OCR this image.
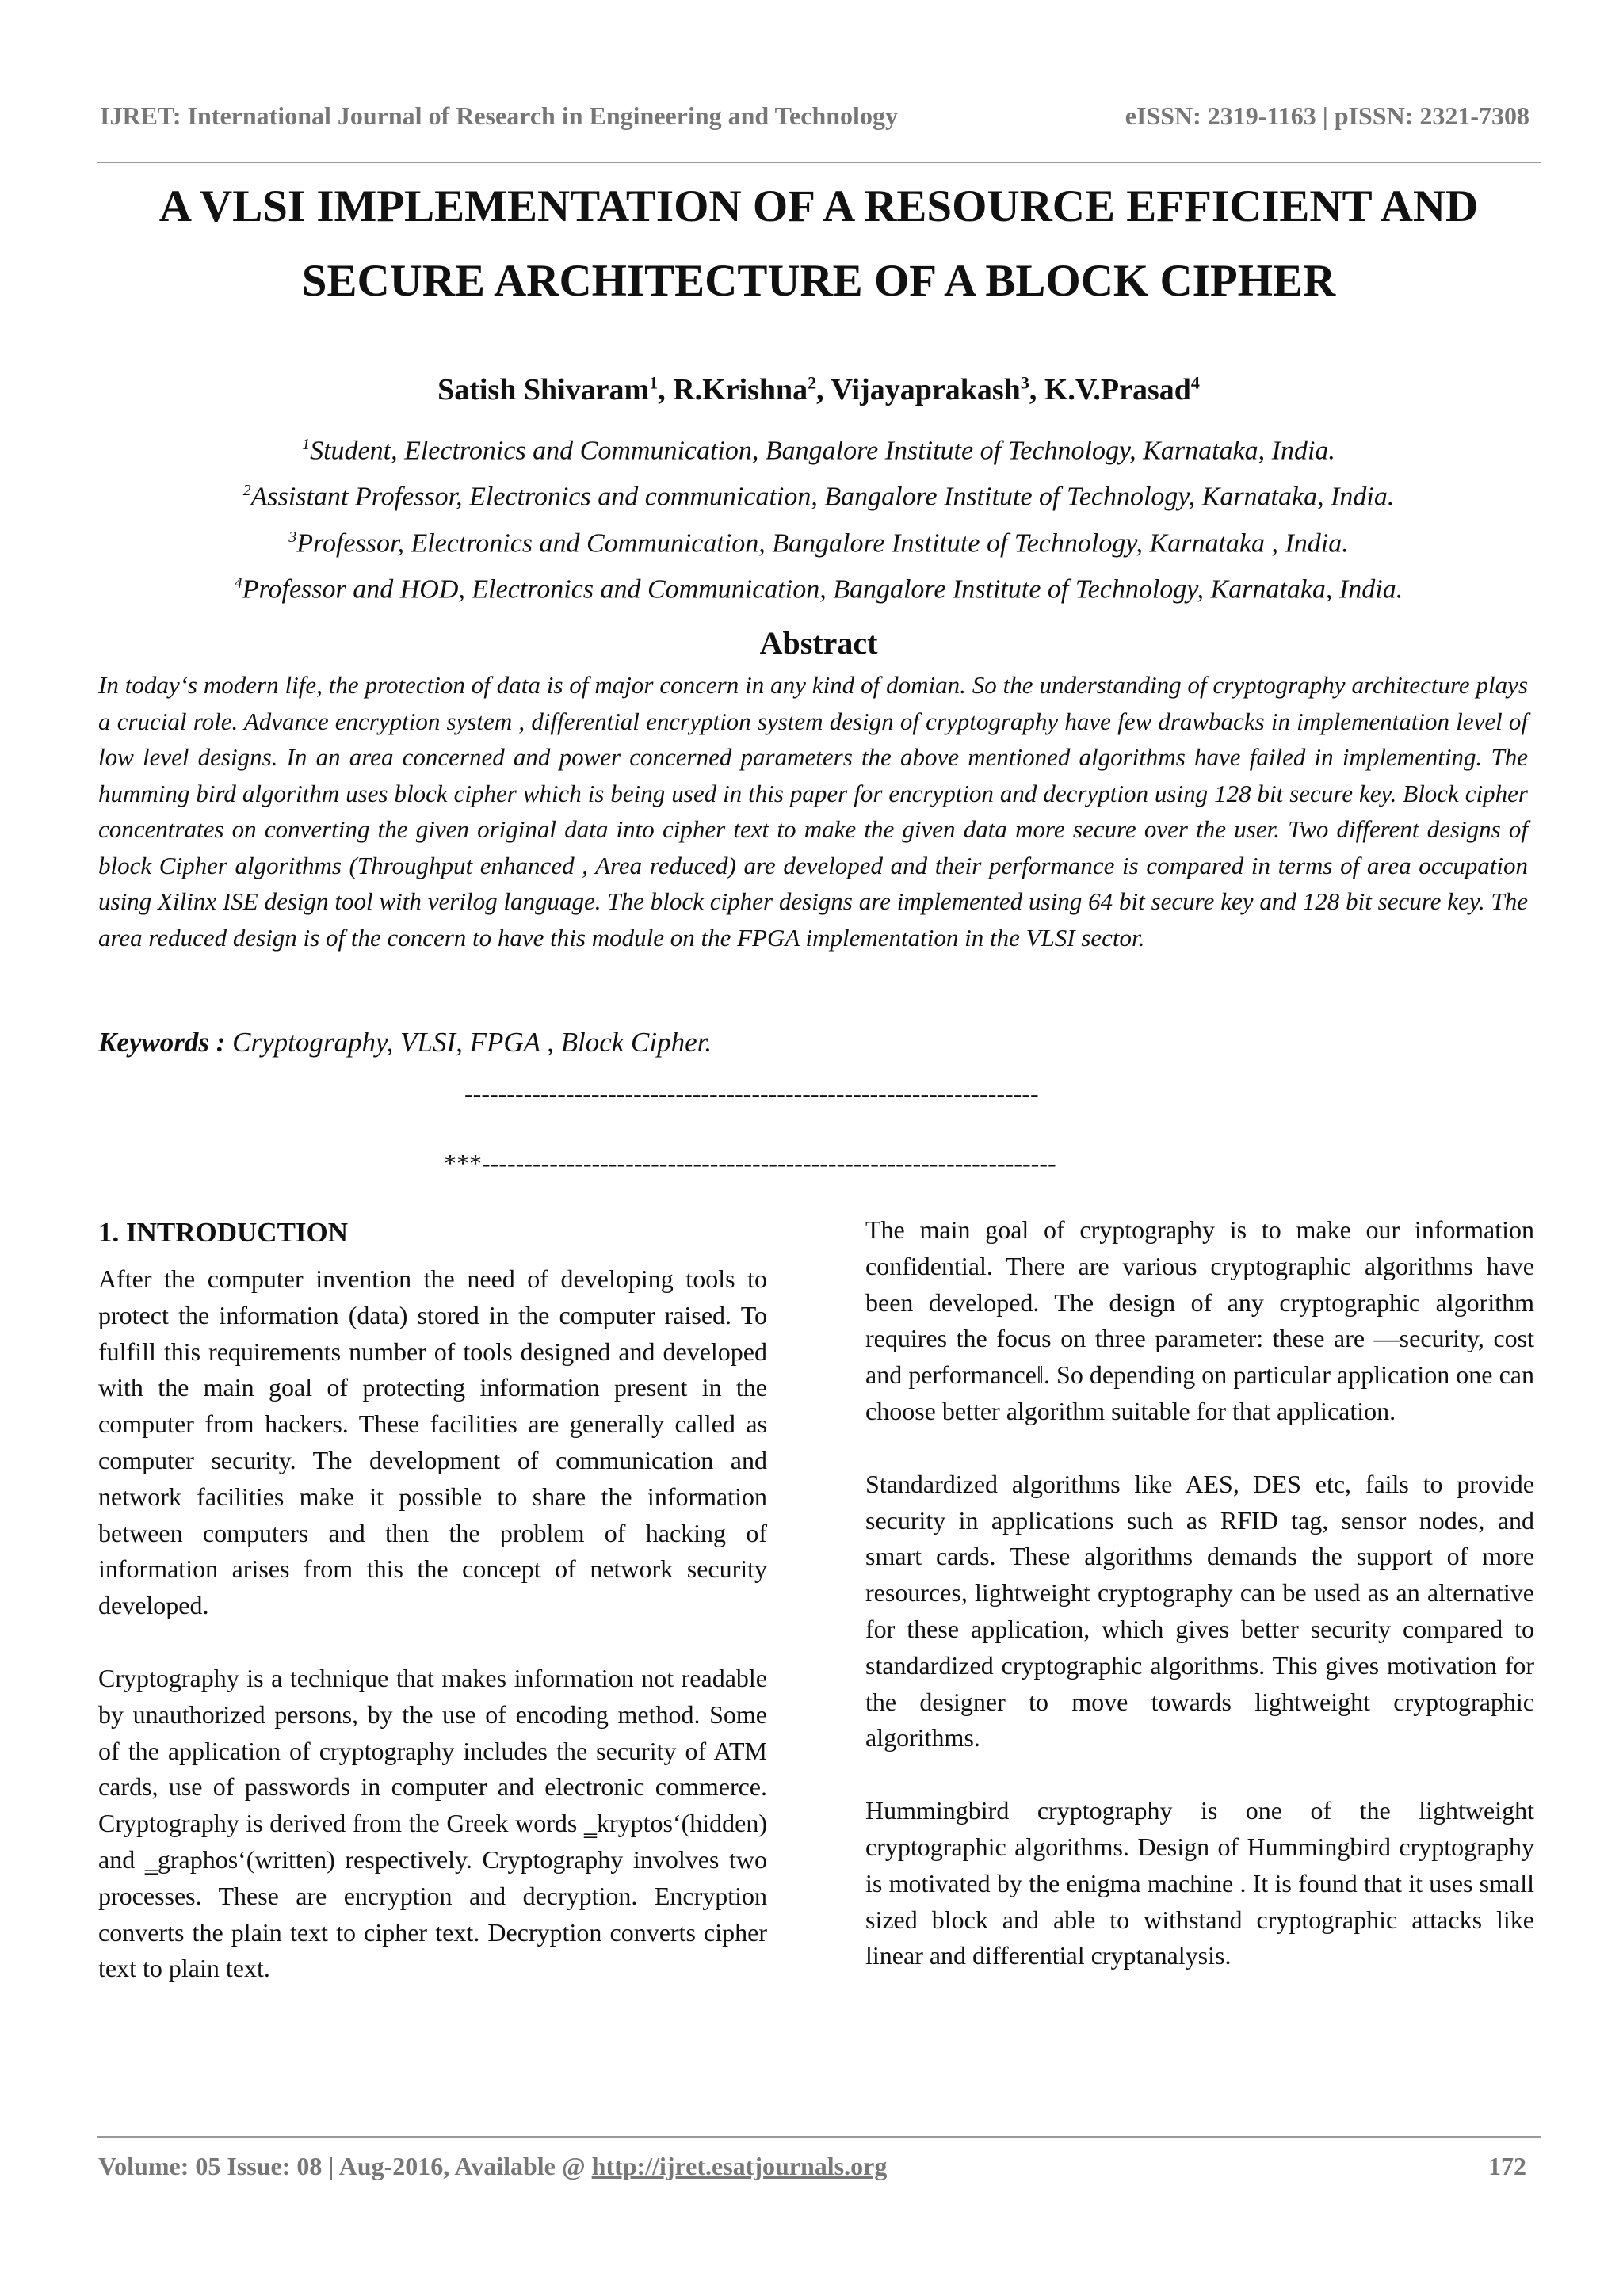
IJRET: International Journal of Research in Engineering and Technology	eISSN: 2319-1163 | pISSN: 2321-7308
A VLSI IMPLEMENTATION OF A RESOURCE EFFICIENT AND
SECURE ARCHITECTURE OF A BLOCK CIPHER
Satish Shivaram$^1$, R.Krishna$^2$, Vijayaprakash$^3$, K.V.Prasad$^4$
$^1$Student, Electronics and Communication, Bangalore Institute of Technology, Karnataka, India.
$^2$Assistant Professor, Electronics and communication, Bangalore Institute of Technology, Karnataka, India.
$^3$Professor, Electronics and Communication, Bangalore Institute of Technology, Karnataka , India.
$^4$Professor and HOD, Electronics and Communication, Bangalore Institute of Technology, Karnataka, India.
Abstract
In today‘s modern life, the protection of data is of major concern in any kind of domian. So the understanding of cryptography architecture plays a crucial role. Advance encryption system , differential encryption system design of cryptography have few drawbacks in implementation level of low level designs. In an area concerned and power concerned parameters the above mentioned algorithms have failed in implementing. The humming bird algorithm uses block cipher which is being used in this paper for encryption and decryption using 128 bit secure key. Block cipher concentrates on converting the given original data into cipher text to make the given data more secure over the user. Two different designs of block Cipher algorithms (Throughput enhanced , Area reduced) are developed and their performance is compared in terms of area occupation using Xilinx ISE design tool with verilog language. The block cipher designs are implemented using 64 bit secure key and 128 bit secure key. The area reduced design is of the concern to have this module on the FPGA implementation in the VLSI sector.
Keywords : Cryptography, VLSI, FPGA , Block Cipher.
--------------------------------------------------------------------
***--------------------------------------------------------------------
1. INTRODUCTION

After the computer invention the need of developing tools to protect the information (data) stored in the computer raised. To fulfill this requirements number of tools designed and developed with the main goal of protecting information present in the computer from hackers. These facilities are generally called as computer security. The development of communication and network facilities make it possible to share the information between computers and then the problem of hacking of information arises from this the concept of network security developed.

Cryptography is a technique that makes information not readable by unauthorized persons, by the use of encoding method. Some of the application of cryptography includes the security of ATM cards, use of passwords in computer and electronic commerce. Cryptography is derived from the Greek words ‗kryptos‘(hidden) and ‗graphos‘(written) respectively. Cryptography involves two processes. These are encryption and decryption. Encryption converts the plain text to cipher text. Decryption converts cipher text to plain text.

The main goal of cryptography is to make our information confidential. There are various cryptographic algorithms have been developed. The design of any cryptographic algorithm requires the focus on three parameter: these are ―security, cost and performance‖. So depending on particular application one can choose better algorithm suitable for that application.

Standardized algorithms like AES, DES etc, fails to provide security in applications such as RFID tag, sensor nodes, and smart cards. These algorithms demands the support of more resources, lightweight cryptography can be used as an alternative for these application, which gives better security compared to standardized cryptographic algorithms. This gives motivation for the designer to move towards lightweight cryptographic algorithms.

Hummingbird cryptography is one of the lightweight cryptographic algorithms. Design of Hummingbird cryptography is motivated by the enigma machine . It is found that it uses small sized block and able to withstand cryptographic attacks like linear and differential cryptanalysis.

Volume: 05 Issue: 08 | Aug-2016, Available @ http://ijret.esatjournals.org	172
